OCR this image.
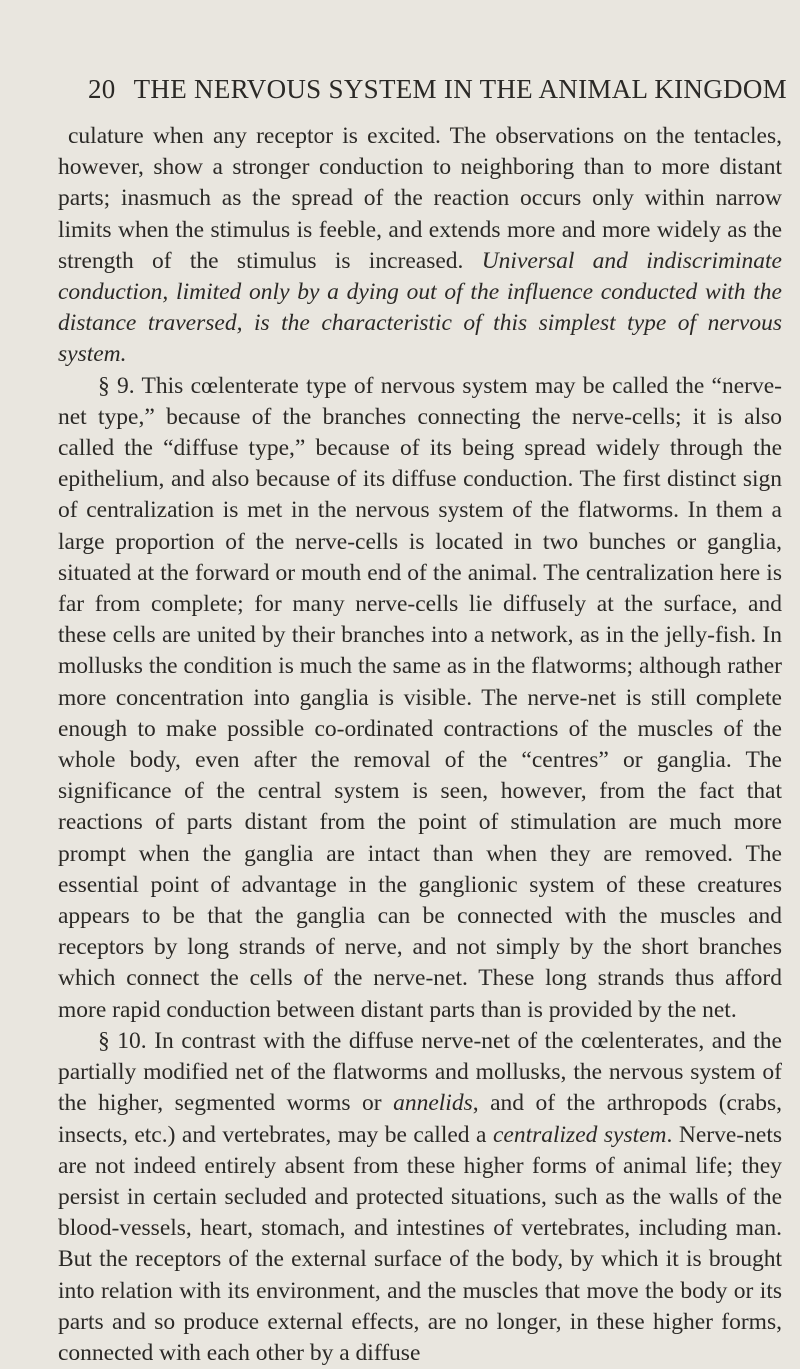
20 THE NERVOUS SYSTEM IN THE ANIMAL KINGDOM

culature when any receptor is excited. The observations on the tentacles, however, show a stronger conduction to neighboring than to more distant parts; inasmuch as the spread of the reaction occurs only within narrow limits when the stimulus is feeble, and extends more and more widely as the strength of the stimulus is increased. Universal and indiscriminate conduction, limited only by a dying out of the influence conducted with the distance traversed, is the characteristic of this simplest type of nervous system.

§ 9. This cœlenterate type of nervous system may be called the “nerve-net type,” because of the branches connecting the nerve-cells; it is also called the “diffuse type,” because of its being spread widely through the epithelium, and also because of its diffuse conduction. The first distinct sign of centralization is met in the nervous system of the flatworms. In them a large proportion of the nerve-cells is located in two bunches or ganglia, situated at the forward or mouth end of the animal. The centralization here is far from complete; for many nerve-cells lie diffusely at the surface, and these cells are united by their branches into a network, as in the jelly-fish. In mollusks the condition is much the same as in the flatworms; although rather more concentration into ganglia is visible. The nerve-net is still complete enough to make possible co-ordinated contractions of the muscles of the whole body, even after the removal of the “centres” or ganglia. The significance of the central system is seen, however, from the fact that reactions of parts distant from the point of stimulation are much more prompt when the ganglia are intact than when they are removed. The essential point of advantage in the ganglionic system of these creatures appears to be that the ganglia can be connected with the muscles and receptors by long strands of nerve, and not simply by the short branches which connect the cells of the nerve-net. These long strands thus afford more rapid conduction between distant parts than is provided by the net.

§ 10. In contrast with the diffuse nerve-net of the cœlenterates, and the partially modified net of the flatworms and mollusks, the nervous system of the higher, segmented worms or annelids, and of the arthropods (crabs, insects, etc.) and vertebrates, may be called a centralized system. Nerve-nets are not indeed entirely absent from these higher forms of animal life; they persist in certain secluded and protected situations, such as the walls of the blood-vessels, heart, stomach, and intestines of vertebrates, including man. But the receptors of the external surface of the body, by which it is brought into relation with its environment, and the muscles that move the body or its parts and so produce external effects, are no longer, in these higher forms, connected with each other by a diffuse
